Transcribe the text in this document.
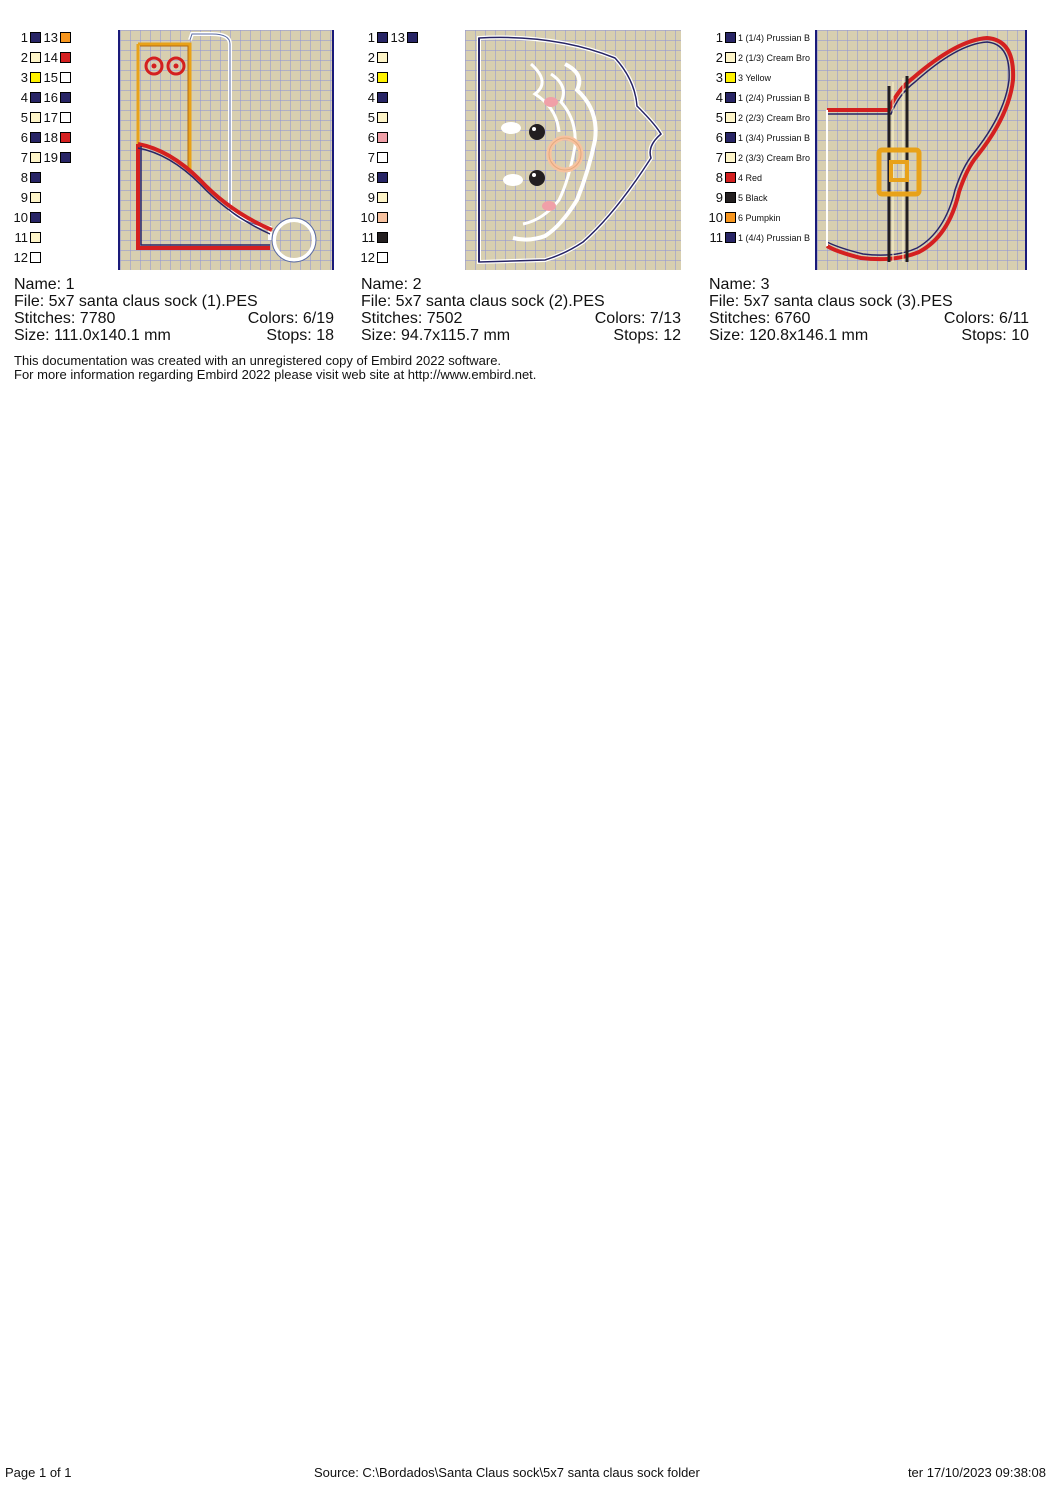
1 13
2 14
3 15
4 16
5 17
6 18
7 19
8
9
10
11
12
Name: 1
File: 5x7 santa claus sock (1).PES
Stitches: 7780	Colors: 6/19
Size: 111.0x140.1 mm	Stops: 18
1 13
2
3
4
5
6
7
8
9
10
11
12
Name: 2
File: 5x7 santa claus sock (2).PES
Stitches: 7502	Colors: 7/13
Size: 94.7x115.7 mm	Stops: 12
1 1 (1/4) Prussian B
2 2 (1/3) Cream Bro
3 3 Yellow
4 1 (2/4) Prussian B
5 2 (2/3) Cream Bro
6 1 (3/4) Prussian B
7 2 (3/3) Cream Bro
8 4 Red
9 5 Black
10 6 Pumpkin
11 1 (4/4) Prussian B
Name: 3
File: 5x7 santa claus sock (3).PES
Stitches: 6760	Colors: 6/11
Size: 120.8x146.1 mm	Stops: 10
This documentation was created with an unregistered copy of Embird 2022 software.
For more information regarding Embird 2022 please visit web site at http://www.embird.net.
Page 1 of 1	Source: C:\Bordados\Santa Claus sock\5x7 santa claus sock folder	ter 17/10/2023 09:38:08
